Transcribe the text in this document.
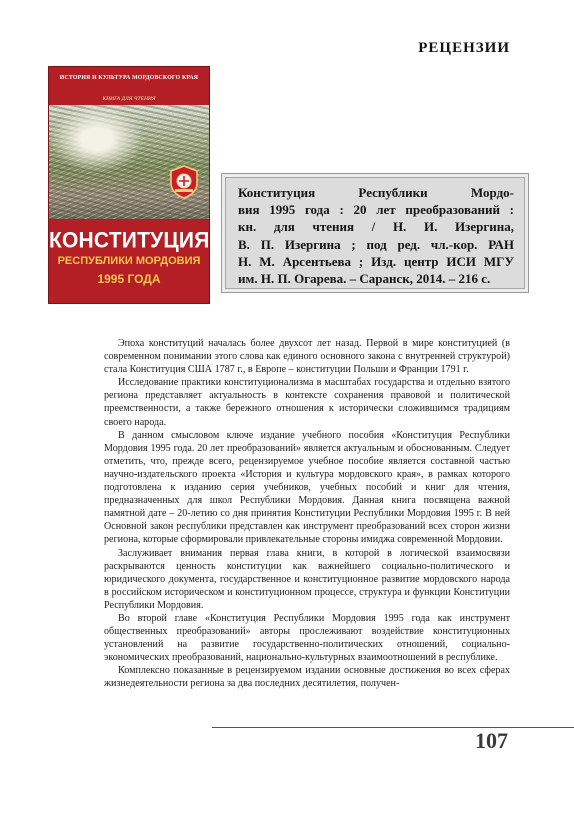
РЕЦЕНЗИИ
ИСТОРИЯ И КУЛЬТУРА МОРДОВСКОГО КРАЯ
КНИГА ДЛЯ ЧТЕНИЯ
КОНСТИТУЦИЯ
РЕСПУБЛИКИ МОРДОВИЯ
1995 ГОДА
Конституция Республики Мордо-
вия 1995 года : 20 лет преобразований :
кн. для чтения / Н. И. Изергина,
В. П. Изергина ; под ред. чл.-кор. РАН
Н. М. Арсентьева ; Изд. центр ИСИ МГУ
им. Н. П. Огарева. – Саранск, 2014. – 216 с.

Эпоха конституций началась более двухсот лет назад. Первой в мире конституцией (в современном понимании этого слова как единого основного закона с внутренней структурой) стала Конституция США 1787 г., в Европе – конституции Польши и Франции 1791 г.

Исследование практики конституционализма в масштабах государства и отдельно взятого региона представляет актуальность в контексте сохранения правовой и политической преемственности, а также бережного отношения к исторически сложившимся традициям своего народа.

В данном смысловом ключе издание учебного пособия «Конституция Республики Мордовия 1995 года. 20 лет преобразований» является актуальным и обоснованным. Следует отметить, что, прежде всего, рецензируемое учебное пособие является составной частью научно-издательского проекта «История и культура мордовского края», в рамках которого подготовлена к изданию серия учебников, учебных пособий и книг для чтения, предназначенных для школ Республики Мордовия. Данная книга посвящена важной памятной дате – 20-летию со дня принятия Конституции Республики Мордовия 1995 г. В ней Основной закон республики представлен как инструмент преобразований всех сторон жизни региона, которые сформировали привлекательные стороны имиджа современной Мордовии.

Заслуживает внимания первая глава книги, в которой в логической взаимосвязи раскрываются ценность конституции как важнейшего социально-политического и юридического документа, государственное и конституционное развитие мордовского народа в российском историческом и конституционном процессе, структура и функции Конституции Республики Мордовия.

Во второй главе «Конституция Республики Мордовия 1995 года как инструмент общественных преобразований» авторы прослеживают воздействие конституционных установлений на развитие государственно-политических отношений, социально-экономических преобразований, национально-культурных взаимоотношений в республике.

Комплексно показанные в рецензируемом издании основные достижения во всех сферах жизнедеятельности региона за два последних десятилетия, получен-

107
